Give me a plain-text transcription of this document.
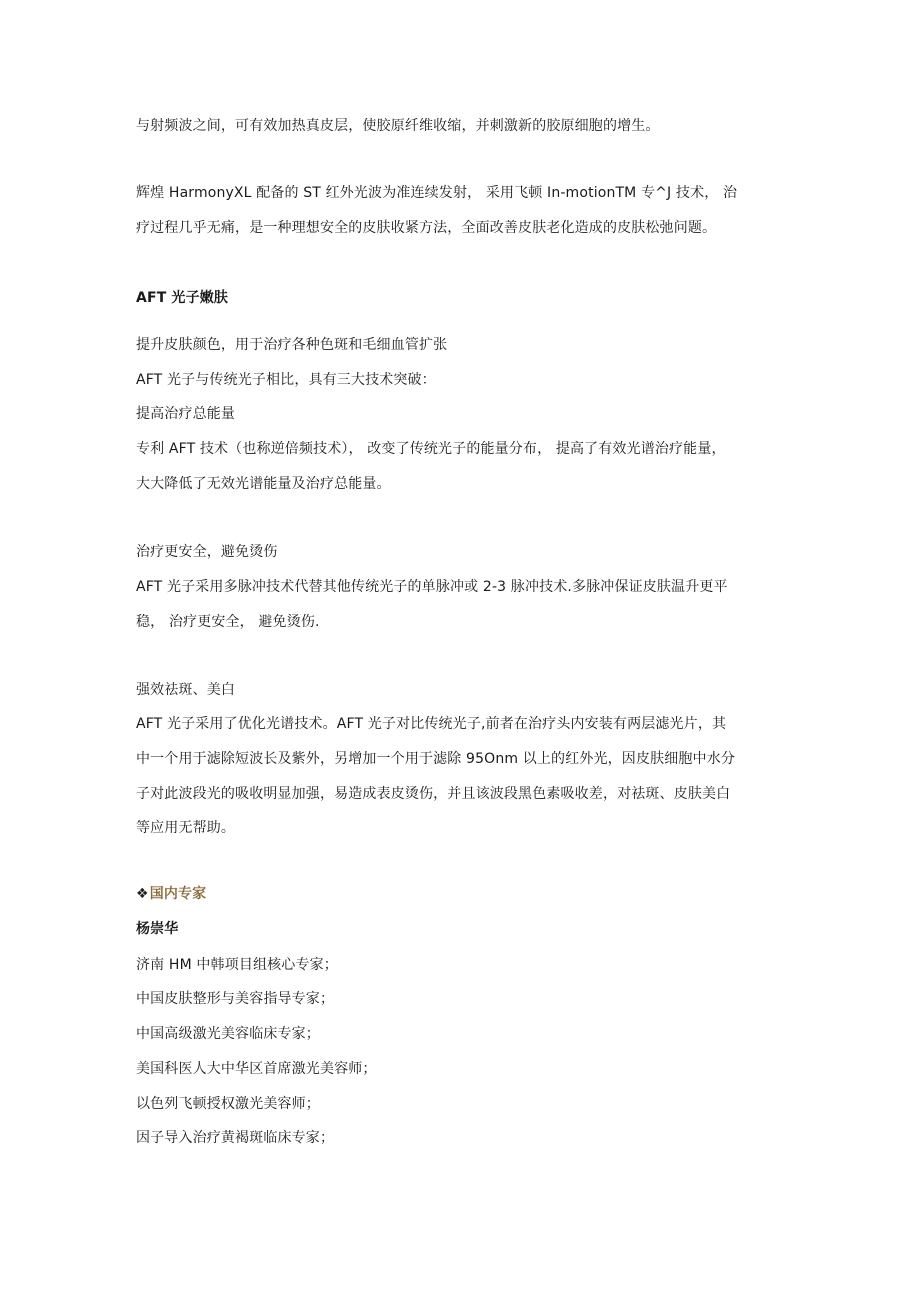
与射频波之间，可有效加热真皮层，使胶原纤维收缩，并刺激新的胶原细胞的增生。
辉煌 HarmonyXL 配备的 ST 红外光波为准连续发射， 采用飞顿 In-motionTM 专^J 技术， 治
疗过程几乎无痛，是一种理想安全的皮肤收紧方法，全面改善皮肤老化造成的皮肤松弛问题。
AFT 光子嫩肤
提升皮肤颜色，用于治疗各种色斑和毛细血管扩张
AFT 光子与传统光子相比，具有三大技术突破：
提高治疗总能量
专利 AFT 技术（也称逆倍频技术）， 改变了传统光子的能量分布， 提高了有效光谱治疗能量，
大大降低了无效光谱能量及治疗总能量。
治疗更安全，避免烫伤
AFT 光子采用多脉冲技术代替其他传统光子的单脉冲或 2-3 脉冲技术.多脉冲保证皮肤温升更平
稳， 治疗更安全， 避免烫伤.
强效祛斑、美白
AFT 光子采用了优化光谱技术。AFT 光子对比传统光子,前者在治疗头内安装有两层滤光片，其
中一个用于滤除短波长及紫外，另增加一个用于滤除 95Onm 以上的红外光，因皮肤细胞中水分
子对此波段光的吸收明显加强，易造成表皮烫伤，并且该波段黑色素吸收差，对祛斑、皮肤美白
等应用无帮助。
❖国内专家
杨崇华
济南 HM 中韩项目组核心专家；
中国皮肤整形与美容指导专家；
中国高级激光美容临床专家；
美国科医人大中华区首席激光美容师；
以色列飞顿授权激光美容师；
因子导入治疗黄褐斑临床专家；
